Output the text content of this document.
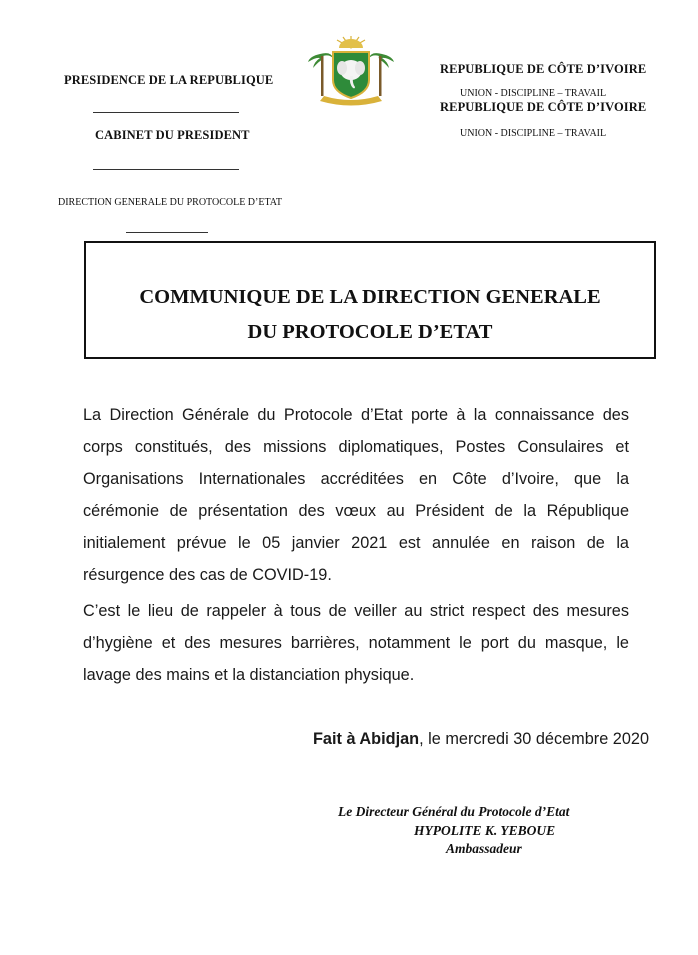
PRESIDENCE DE LA REPUBLIQUE
CABINET DU PRESIDENT
DIRECTION GENERALE DU PROTOCOLE D’ETAT
REPUBLIQUE DE CÔTE D’IVOIRE
UNION - DISCIPLINE – TRAVAIL
REPUBLIQUE DE CÔTE D’IVOIRE
UNION - DISCIPLINE – TRAVAIL
COMMUNIQUE DE LA DIRECTION GENERALE
DU PROTOCOLE D’ETAT
La Direction Générale du Protocole d’Etat porte à la connaissance des corps constitués, des missions diplomatiques, Postes Consulaires et Organisations Internationales accréditées en Côte d’Ivoire, que la cérémonie de présentation des vœux au Président de la République initialement prévue le 05 janvier 2021 est annulée en raison de la résurgence des cas de COVID-19.
C’est le lieu de rappeler à tous de veiller au strict respect des mesures d’hygiène et des mesures barrières, notamment le port du masque, le lavage des mains et la distanciation physique.
Fait à Abidjan, le mercredi 30 décembre 2020
Le Directeur Général du Protocole d’Etat
HYPOLITE K. YEBOUE
Ambassadeur
